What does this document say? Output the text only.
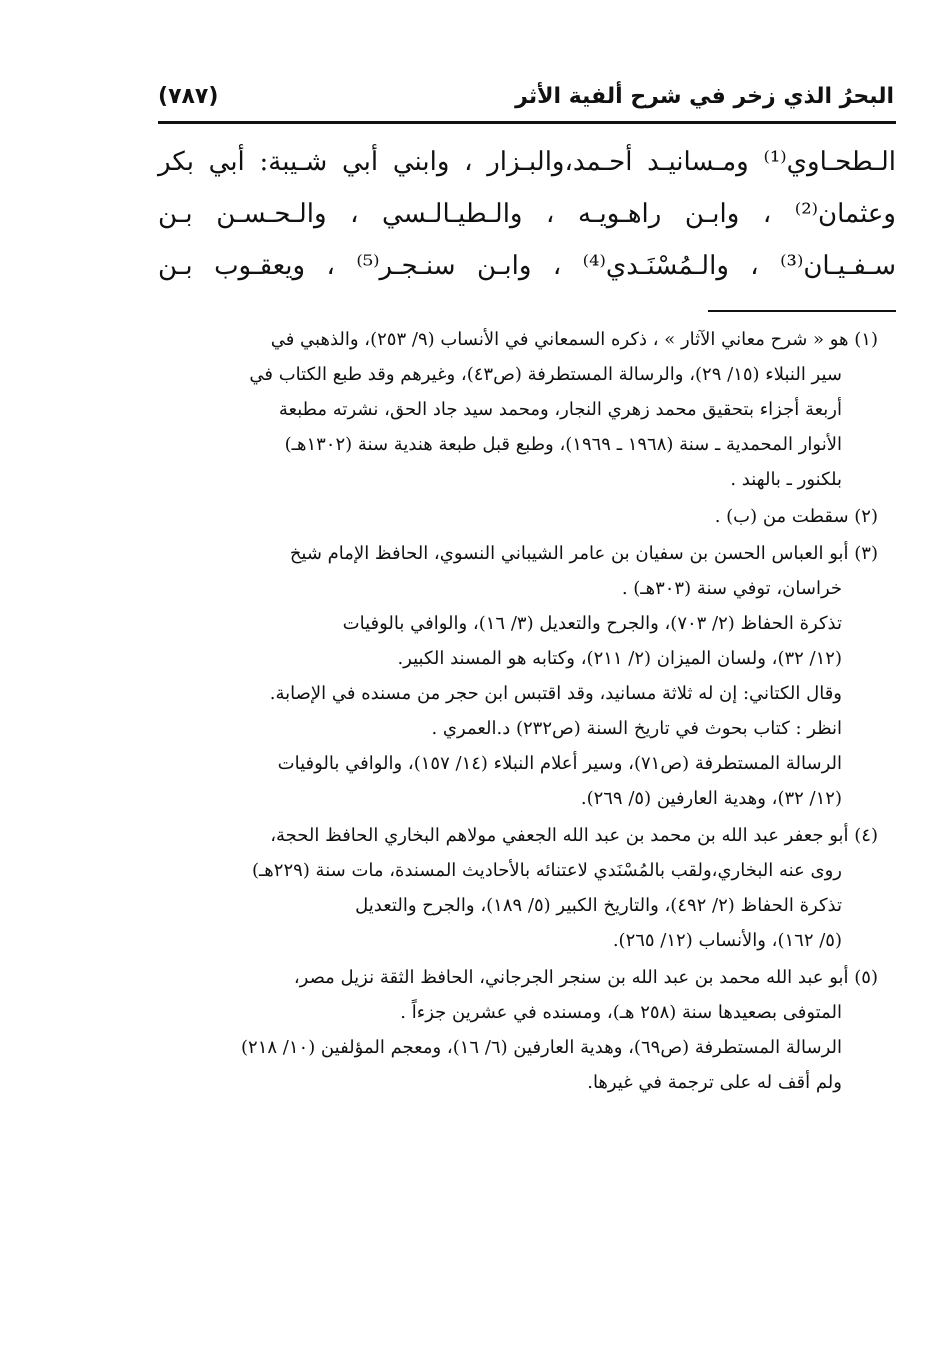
البحرُ الذي زخر في شرح ألفية الأثر
(٧٨٧)
الـطحـاوي⁽¹⁾ ومـسانيـد أحـمد،والبـزار ، وابني أبي شـيبة: أبي بكر
وعثمان⁽²⁾ ، وابـن راهـويـه ، والـطيـالـسي ، والـحـسـن بـن
سـفـيـان⁽³⁾ ، والـمُسْنَـدي⁽⁴⁾ ، وابـن سنـجـر⁽⁵⁾ ، ويعقـوب بـن

(١) هو « شرح معاني الآثار » ، ذكره السمعاني في الأنساب (٩/ ٢٥٣)، والذهبي في

سير النبلاء (١٥/ ٢٩)، والرسالة المستطرفة (ص٤٣)، وغيرهم وقد طبع الكتاب في
أربعة أجزاء بتحقيق محمد زهري النجار، ومحمد سيد جاد الحق، نشرته مطبعة
الأنوار المحمدية ـ سنة (١٩٦٨ ـ ١٩٦٩)، وطبع قبل طبعة هندية سنة (١٣٠٢هـ)
بلكنور ـ بالهند .

(٢) سقطت من (ب) .

(٣) أبو العباس الحسن بن سفيان بن عامر الشيباني النسوي، الحافظ الإمام شيخ

خراسان، توفي سنة (٣٠٣هـ) .
تذكرة الحفاظ (٢/ ٧٠٣)، والجرح والتعديل (٣/ ١٦)، والوافي بالوفيات
(١٢/ ٣٢)، ولسان الميزان (٢/ ٢١١)، وكتابه هو المسند الكبير.
وقال الكتاني: إن له ثلاثة مسانيد، وقد اقتبس ابن حجر من مسنده في الإصابة.
انظر : كتاب بحوث في تاريخ السنة (ص٢٣٢) د.العمري .
الرسالة المستطرفة (ص٧١)، وسير أعلام النبلاء (١٤/ ١٥٧)، والوافي بالوفيات
(١٢/ ٣٢)، وهدية العارفين (٥/ ٢٦٩).

(٤) أبو جعفر عبد الله بن محمد بن عبد الله الجعفي مولاهم البخاري الحافظ الحجة،

روى عنه البخاري،ولقب بالمُسْنَدي لاعتنائه بالأحاديث المسندة، مات سنة (٢٢٩هـ)
تذكرة الحفاظ (٢/ ٤٩٢)، والتاريخ الكبير (٥/ ١٨٩)، والجرح والتعديل
(٥/ ١٦٢)، والأنساب (١٢/ ٢٦٥).

(٥) أبو عبد الله محمد بن عبد الله بن سنجر الجرجاني، الحافظ الثقة نزيل مصر،

المتوفى بصعيدها سنة (٢٥٨ هـ)، ومسنده في عشرين جزءاً .
الرسالة المستطرفة (ص٦٩)، وهدية العارفين (٦/ ١٦)، ومعجم المؤلفين (١٠/ ٢١٨)
ولم أقف له على ترجمة في غيرها.
